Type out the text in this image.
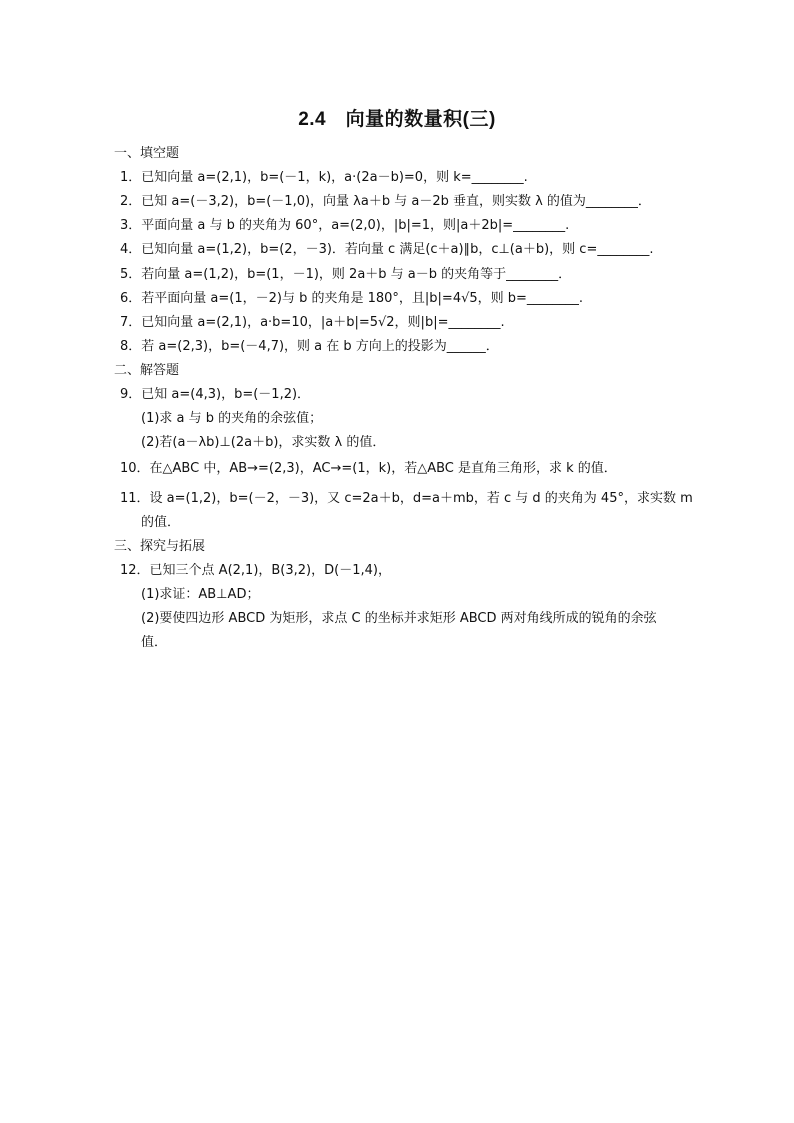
2.4　向量的数量积(三)
一、填空题
1．已知向量 a=(2,1)，b=(－1，k)，a·(2a－b)=0，则 k=________.
2．已知 a=(－3,2)，b=(－1,0)，向量 λa＋b 与 a－2b 垂直，则实数 λ 的值为________．
3．平面向量 a 与 b 的夹角为 60°，a=(2,0)，|b|=1，则|a＋2b|=________.
4．已知向量 a=(1,2)，b=(2，－3)．若向量 c 满足(c＋a)∥b，c⊥(a＋b)，则 c=________.
5．若向量 a=(1,2)，b=(1，－1)，则 2a＋b 与 a－b 的夹角等于________．
6．若平面向量 a=(1，－2)与 b 的夹角是 180°，且|b|=4√5，则 b=________.
7．已知向量 a=(2,1)，a·b=10，|a＋b|=5√2，则|b|=________.
8．若 a=(2,3)，b=(－4,7)，则 a 在 b 方向上的投影为______．
二、解答题
9．已知 a=(4,3)，b=(－1,2)．
(1)求 a 与 b 的夹角的余弦值；
(2)若(a－λb)⊥(2a＋b)，求实数 λ 的值．
10．在△ABC 中，AB→=(2,3)，AC→=(1，k)，若△ABC 是直角三角形，求 k 的值．
11．设 a=(1,2)，b=(－2，－3)，又 c=2a＋b，d=a＋mb，若 c 与 d 的夹角为 45°，求实数 m
的值．
三、探究与拓展
12．已知三个点 A(2,1)，B(3,2)，D(－1,4)，
(1)求证：AB⊥AD；
(2)要使四边形 ABCD 为矩形，求点 C 的坐标并求矩形 ABCD 两对角线所成的锐角的余弦
值．
